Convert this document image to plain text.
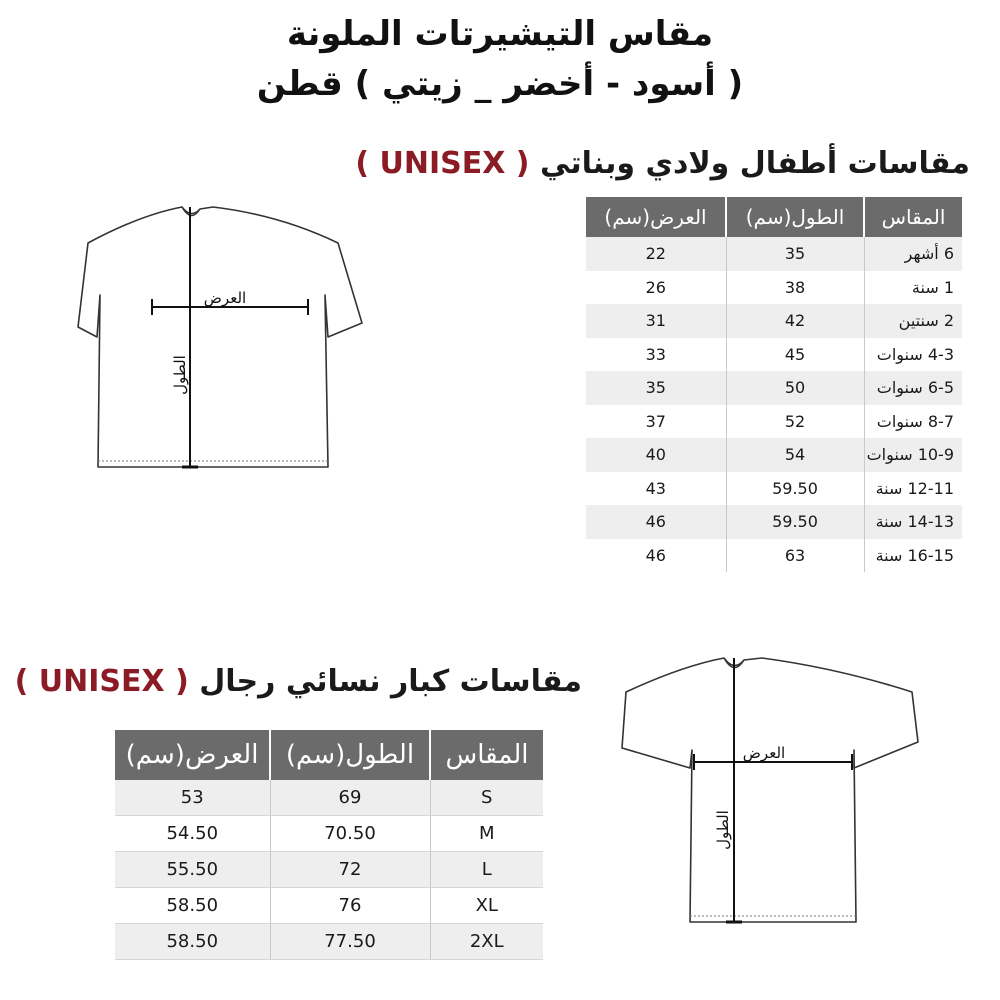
مقاس التيشيرتات الملونة
( أسود - أخضر _ زيتي ) قطن
مقاسات أطفال ولادي وبناتي ( UNISEX )
العرض
الطول
العرض(سم)	الطول(سم)	المقاس
22	35	6 أشهر
26	38	1 سنة
31	42	2 سنتين
33	45	4-3 سنوات
35	50	6-5 سنوات
37	52	8-7 سنوات
40	54	10-9 سنوات
43	59.50	12-11 سنة
46	59.50	14-13 سنة
46	63	16-15 سنة
مقاسات كبار نسائي رجال ( UNISEX )
العرض
الطول
العرض(سم)	الطول(سم)	المقاس
53	69	S
54.50	70.50	M
55.50	72	L
58.50	76	XL
58.50	77.50	2XL
